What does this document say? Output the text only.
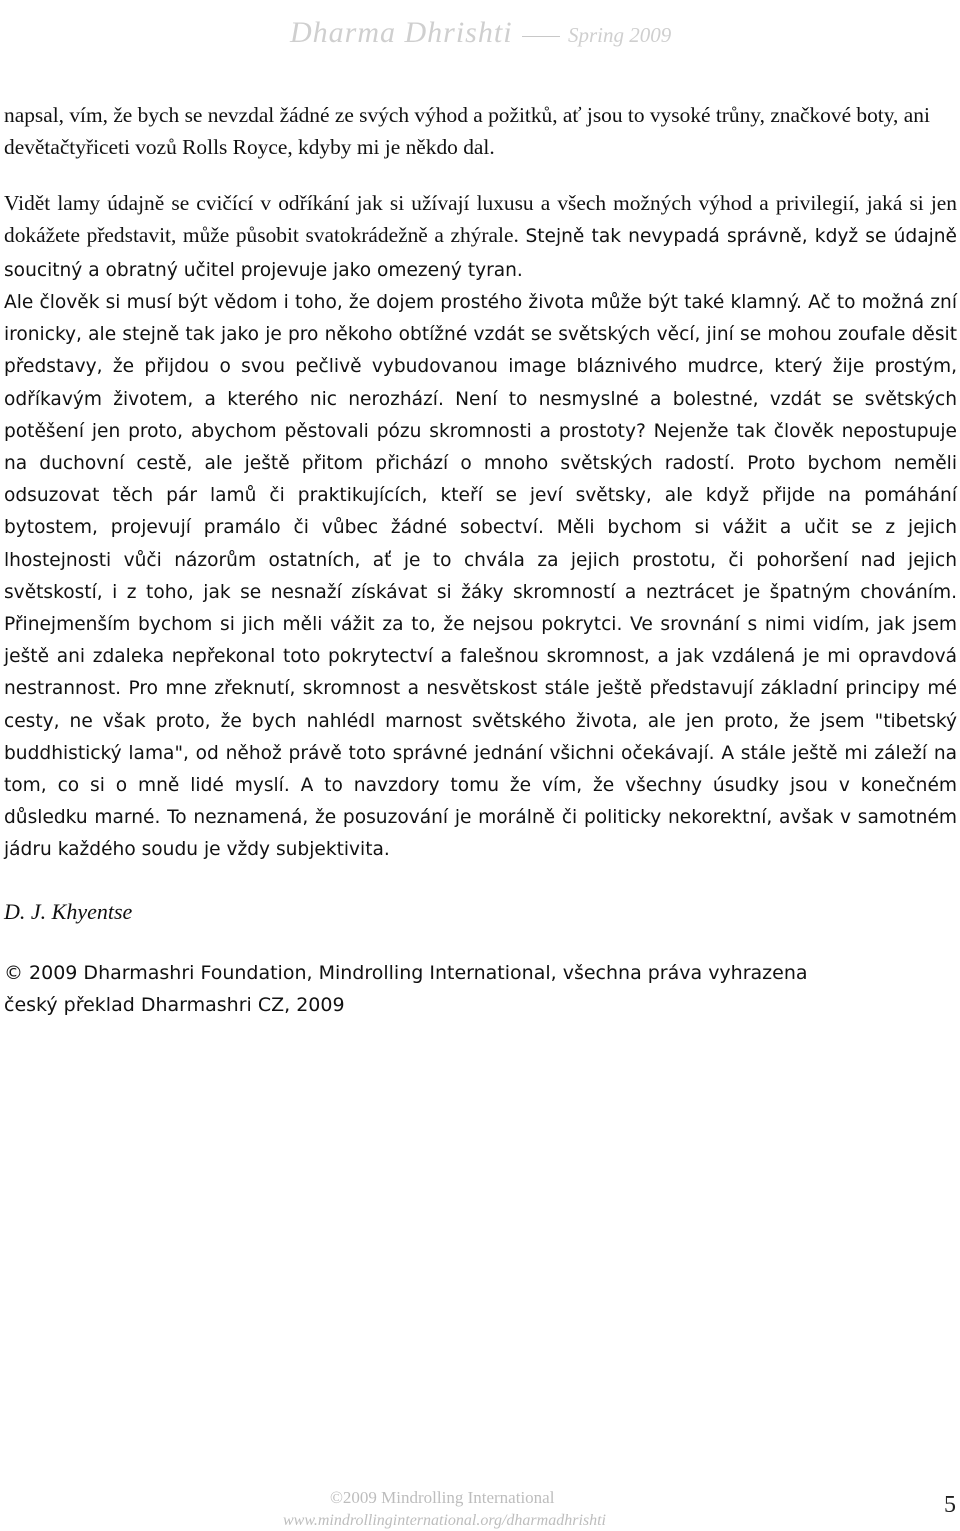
Dharma Dhrishti	Spring 2009

napsal, vím, že bych se nevzdal žádné ze svých výhod a požitků, ať jsou to vysoké trůny, značkové boty, ani devětačtyřiceti vozů Rolls Royce, kdyby mi je někdo dal.

Vidět lamy údajně se cvičící v odříkání jak si užívají luxusu a všech možných výhod a privilegií, jaká si jen dokážete představit, může působit svatokrádežně a zhýrale. Stejně tak nevypadá správně, když se údajně soucitný a obratný učitel projevuje jako omezený tyran.

Ale člověk si musí být vědom i toho, že dojem prostého života může být také klamný. Ač to možná zní ironicky, ale stejně tak jako je pro někoho obtížné vzdát se světských věcí, jiní se mohou zoufale děsit představy, že přijdou o svou pečlivě vybudovanou image bláznivého mudrce, který žije prostým, odříkavým životem, a kterého nic nerozhází. Není to nesmyslné a bolestné, vzdát se světských potěšení jen proto, abychom pěstovali pózu skromnosti a prostoty? Nejenže tak člověk nepostupuje na duchovní cestě, ale ještě přitom přichází o mnoho světských radostí. Proto bychom neměli odsuzovat těch pár lamů či praktikujících, kteří se jeví světsky, ale když přijde na pomáhání bytostem, projevují pramálo či vůbec žádné sobectví. Měli bychom si vážit a učit se z jejich lhostejnosti vůči názorům ostatních, ať je to chvála za jejich prostotu, či pohoršení nad jejich světskostí, i z toho, jak se nesnaží získávat si žáky skromností a neztrácet je špatným chováním. Přinejmenším bychom si jich měli vážit za to, že nejsou pokrytci. Ve srovnání s nimi vidím, jak jsem ještě ani zdaleka nepřekonal toto pokrytectví a falešnou skromnost, a jak vzdálená je mi opravdová nestrannost. Pro mne zřeknutí, skromnost a nesvětskost stále ještě představují základní principy mé cesty, ne však proto, že bych nahlédl marnost světského života, ale jen proto, že jsem "tibetský buddhistický lama", od něhož právě toto správné jednání všichni očekávají. A stále ještě mi záleží na tom, co si o mně lidé myslí. A to navzdory tomu že vím, že všechny úsudky jsou v konečném důsledku marné. To neznamená, že posuzování je morálně či politicky nekorektní, avšak v samotném jádru každého soudu je vždy subjektivita.

D. J. Khyentse

© 2009 Dharmashri Foundation, Mindrolling International, všechna práva vyhrazena
český překlad Dharmashri CZ, 2009
©2009 Mindrolling International
www.mindrollinginternational.org/dharmadhrishti
5
